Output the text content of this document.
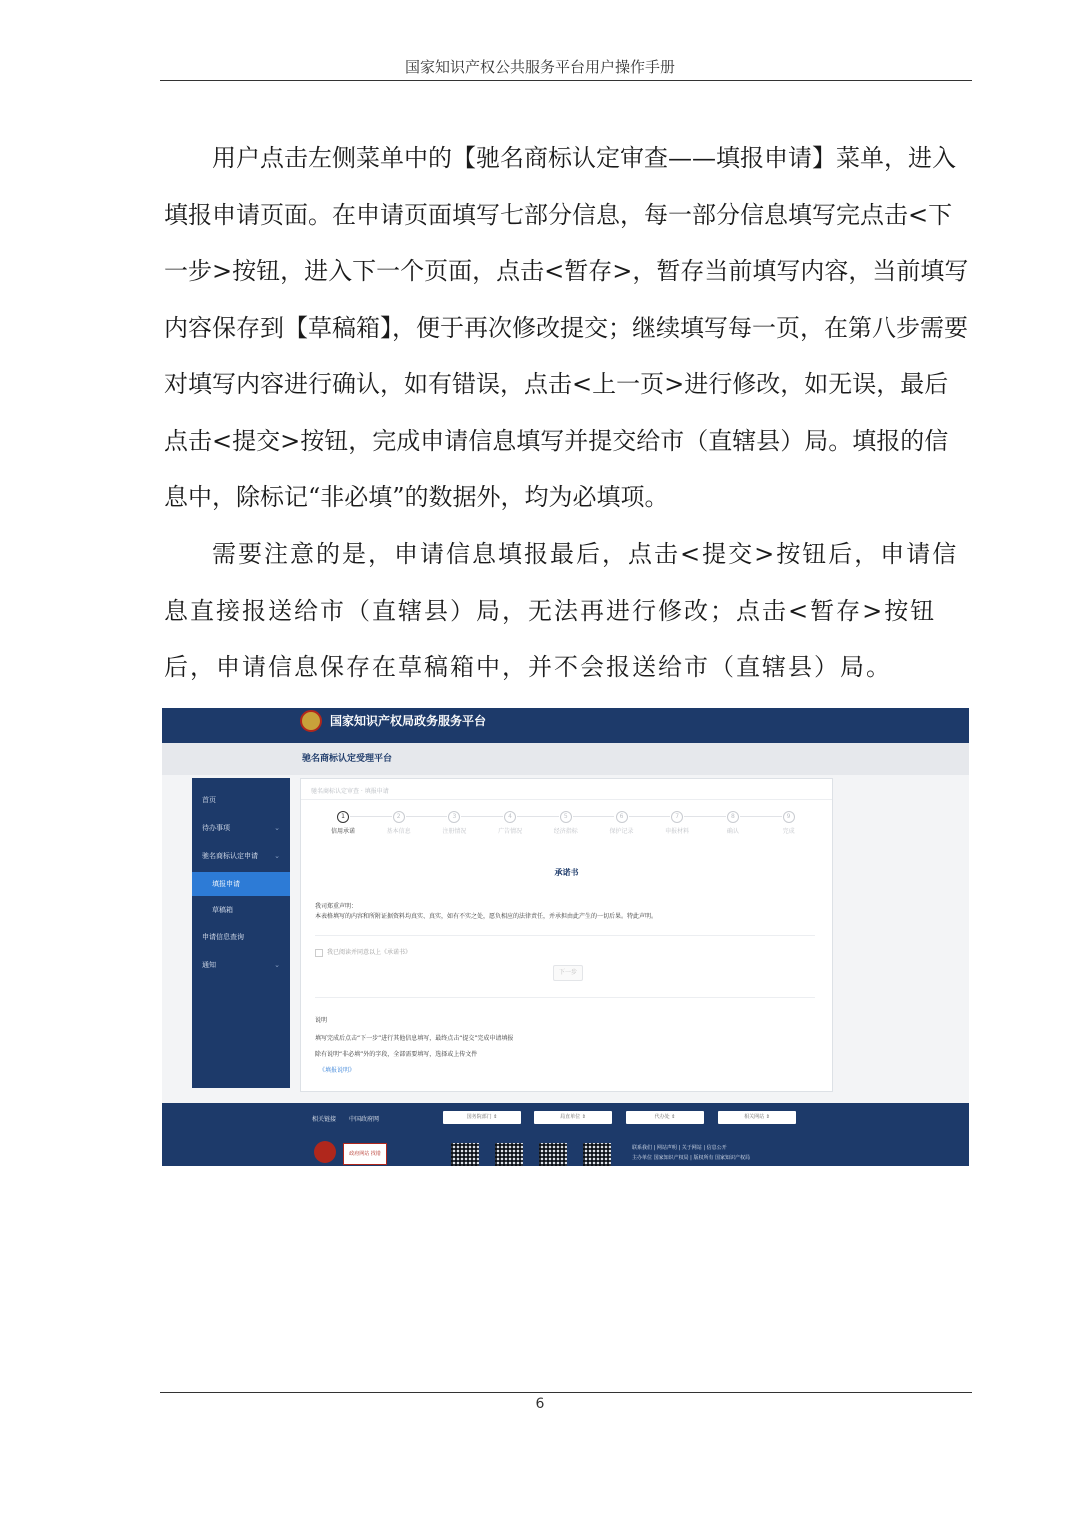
国家知识产权公共服务平台用户操作手册

用户点击左侧菜单中的【驰名商标认定审查——填报申请】菜单，进入填报申请页面。在申请页面填写七部分信息，每一部分信息填写完点击<下一步>按钮，进入下一个页面，点击<暂存>，暂存当前填写内容，当前填写内容保存到【草稿箱】，便于再次修改提交；继续填写每一页，在第八步需要对填写内容进行确认，如有错误，点击<上一页>进行修改，如无误，最后点击<提交>按钮，完成申请信息填写并提交给市（直辖县）局。填报的信息中，除标记“非必填”的数据外，均为必填项。

需要注意的是，申请信息填报最后，点击<提交>按钮后，申请信息直接报送给市（直辖县）局，无法再进行修改；点击<暂存>按钮后，申请信息保存在草稿箱中，并不会报送给市（直辖县）局。

国家知识产权局政务服务平台
驰名商标认定受理平台
首页
待办事项	⌄
驰名商标认定申请 ⌄
填报申请
草稿箱
申请信息查询
通知	⌄
驰名商标认定审查 · 填报申请
1
信用承诺
2
基本信息
3
注册情况
4
广告情况
5
经济指标
6
保护记录
7
申报材料
8
确认
9
完成
承诺书
我司郑重声明：
本表格填写的内容和所附证据资料均真实、真实，如有不实之处，愿负相应的法律责任，并承担由此产生的一切后果。特此声明。
我已阅读并同意以上《承诺书》
下一步
说明
填写完成后点击“下一步”进行其他信息填写，最终点击“提交”完成申请填报
除有说明“非必填”外的字段，全部需要填写，选择或上传文件
《填报说明》
相关链接 中国政府网	国务院部门 ⇕	局直单位 ⇕	代办处 ⇕	相关网站 ⇕
政府网站 找错
联系我们 | 网站声明 | 关于网站 | 信息公开
主办单位 国家知识产权局 | 版权所有 国家知识产权局
6
